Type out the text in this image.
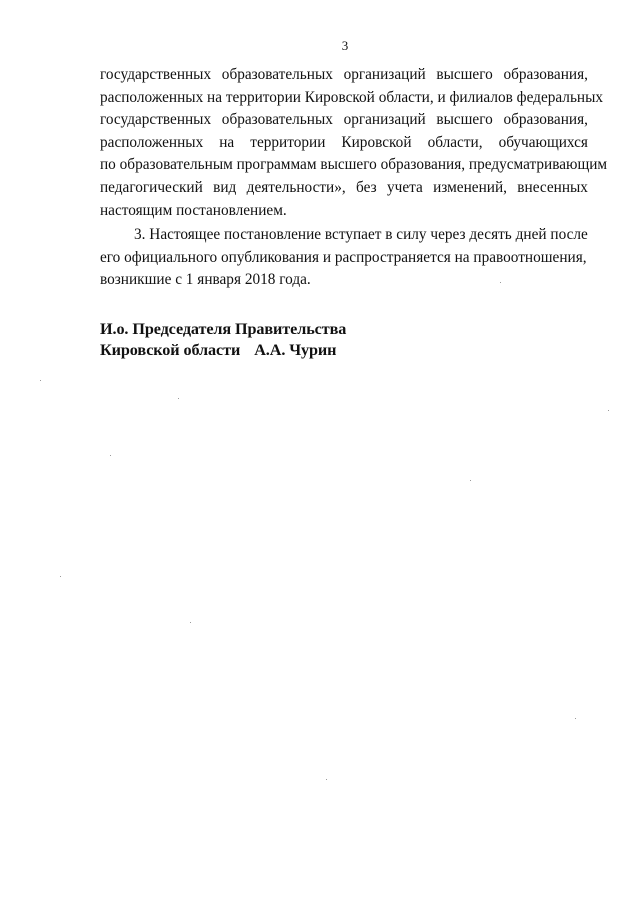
3
государственных образовательных организаций высшего образования,
расположенных на территории Кировской области, и филиалов федеральных
государственных образовательных организаций высшего образования,
расположенных на территории Кировской области, обучающихся
по образовательным программам высшего образования, предусматривающим
педагогический вид деятельности», без учета изменений, внесенных
настоящим постановлением.
3. Настоящее постановление вступает в силу через десять дней после
его официального опубликования и распространяется на правоотношения,
возникшие с 1 января 2018 года.
И.о. Председателя Правительства
Кировской области А.А. Чурин
